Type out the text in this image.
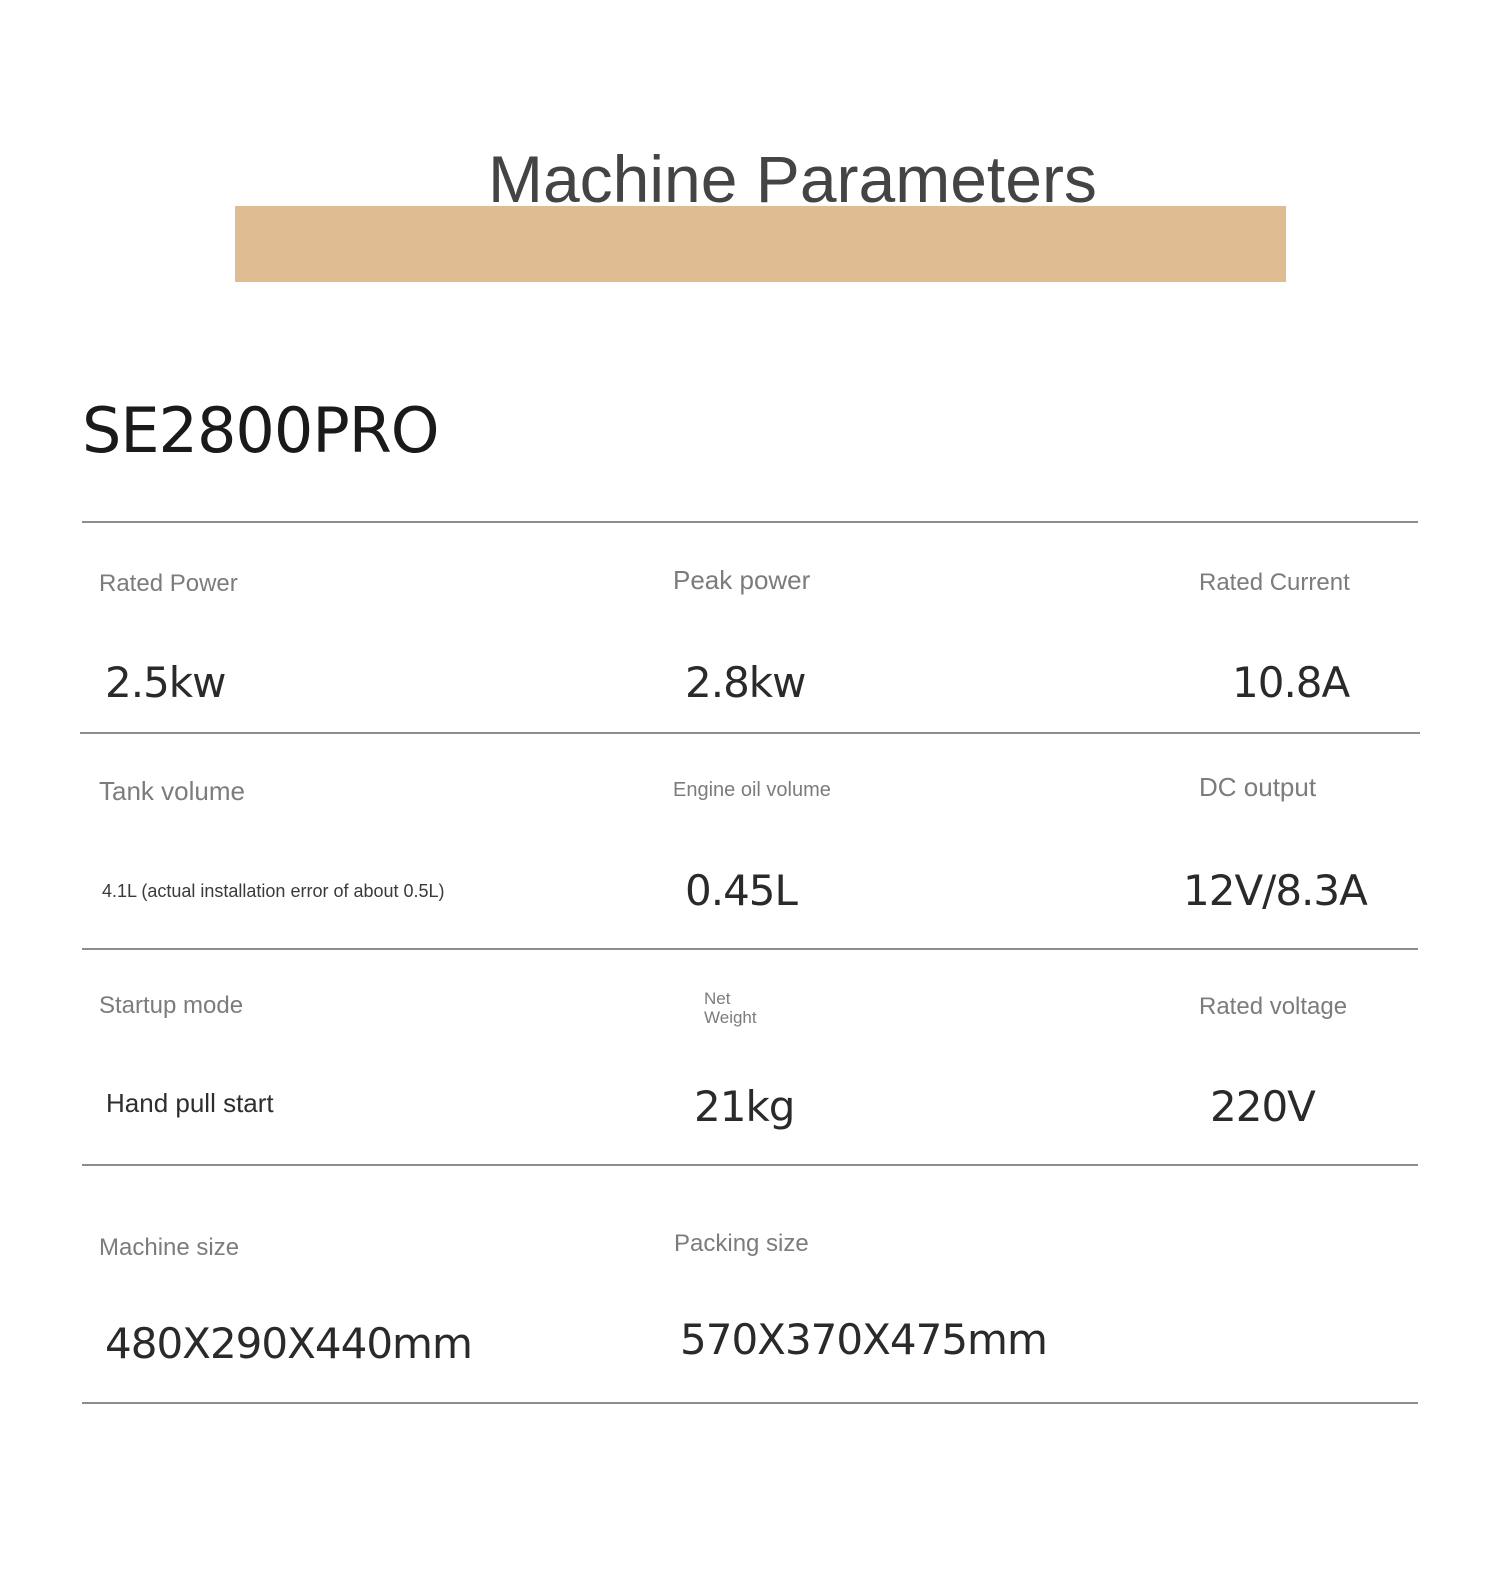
Machine Parameters
SE2800PRO

Rated Power

2.5kw

Peak power

2.8kw

Rated Current

10.8A

Tank volume

4.1L (actual installation error of about 0.5L)

Engine oil volume

0.45L

DC output

12V/8.3A

Startup mode

Hand pull start

Net Weight

21kg

Rated voltage

220V

Machine size

480X290X440mm

Packing size

570X370X475mm
